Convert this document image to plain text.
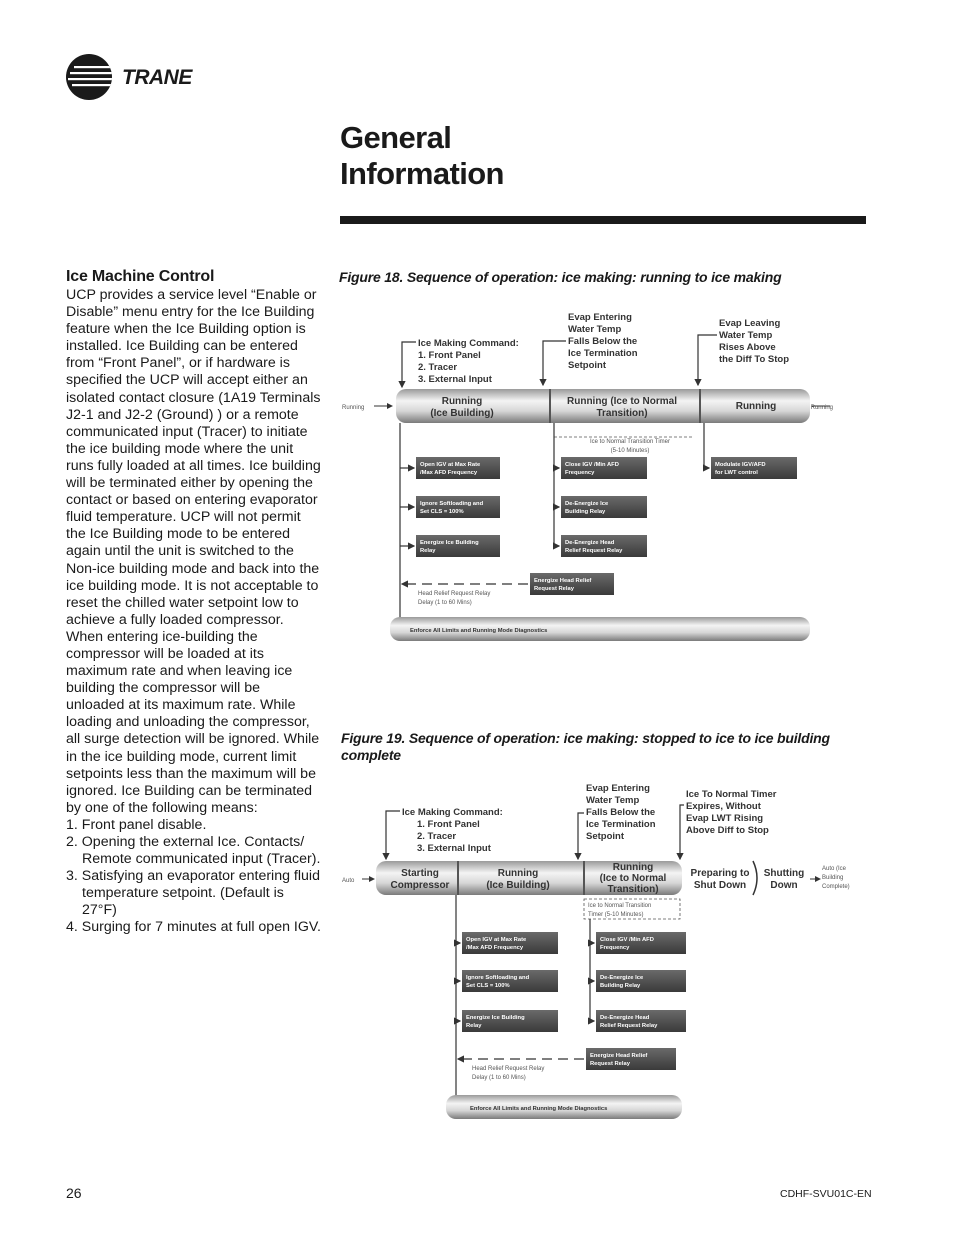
TRANE
General
Information
Ice Machine Control

UCP provides a service level “Enable or Disable” menu entry for the Ice Building feature when the Ice Building option is installed. Ice Building can be entered from “Front Panel”, or if hardware is specified the UCP will accept either an isolated contact closure (1A19 Terminals J2-1 and J2-2 (Ground) ) or a remote communicated input (Tracer) to initiate the ice building mode where the unit runs fully loaded at all times. Ice building will be terminated either by opening the contact or based on entering evaporator fluid temperature. UCP will not permit the Ice Building mode to be entered again until the unit is switched to the Non-ice building mode and back into the ice building mode. It is not acceptable to reset the chilled water setpoint low to achieve a fully loaded compressor. When entering ice-building the compressor will be loaded at its maximum rate and when leaving ice building the compressor will be unloaded at its maximum rate. While loading and unloading the compressor, all surge detection will be ignored. While in the ice building mode, current limit setpoints less than the maximum will be ignored. Ice Building can be terminated by one of the following means:

1. Front panel disable.
2. Opening the external Ice. Contacts/ Remote communicated input (Tracer).
3. Satisfying an evaporator entering fluid temperature setpoint. (Default is 27°F)
4. Surging for 7 minutes at full open IGV.
Figure 18. Sequence of operation: ice making: running to ice making
Figure 19. Sequence of operation: ice making: stopped to ice to ice building complete
Ice Making Command:
1. Front Panel
2. Tracer
3. External Input
Evap Entering
Water Temp
Falls Below the
Ice Termination
Setpoint
Evap Leaving
Water Temp
Rises Above
the Diff To Stop
Running	Running
Running
(Ice Building)
Running (Ice to Normal
Transition)
Running
Ice to Normal Transition Timer
(5-10 Minutes)
Open IGV at Max Rate
/Max AFD Frequency
Ignore Softloading and
Set CLS = 100%
Energize Ice Building
Relay
Close IGV /Min AFD
Frequency
De-Energize Ice
Building Relay
De-Energize Head
Relief Request Relay
Modulate IGV/AFD
for LWT control
Energize Head Relief
Request Relay
Head Relief Request Relay
Delay (1 to 60 Mins)
Enforce All Limits and Running Mode Diagnostics
Ice Making Command:
1. Front Panel
2. Tracer
3. External Input
Evap Entering
Water Temp
Falls Below the
Ice Termination
Setpoint
Ice To Normal Timer
Expires, Without
Evap LWT Rising
Above Diff to Stop
Auto
Starting
Compressor
Running
(Ice Building)
Running
(Ice to Normal
Transition)
Preparing to
Shut Down
Shutting
Down
Auto (Ice
Building
Complete)
Ice to Normal Transition
Timer (5-10 Minutes)
Open IGV at Max Rate
/Max AFD Frequency
Ignore Softloading and
Set CLS = 100%
Energize Ice Building
Relay
Close IGV /Min AFD
Frequency
De-Energize Ice
Building Relay
De-Energize Head
Relief Request Relay
Energize Head Relief
Request Relay
Head Relief Request Relay
Delay (1 to 60 Mins)
Enforce All Limits and Running Mode Diagnostics
26	CDHF-SVU01C-EN
